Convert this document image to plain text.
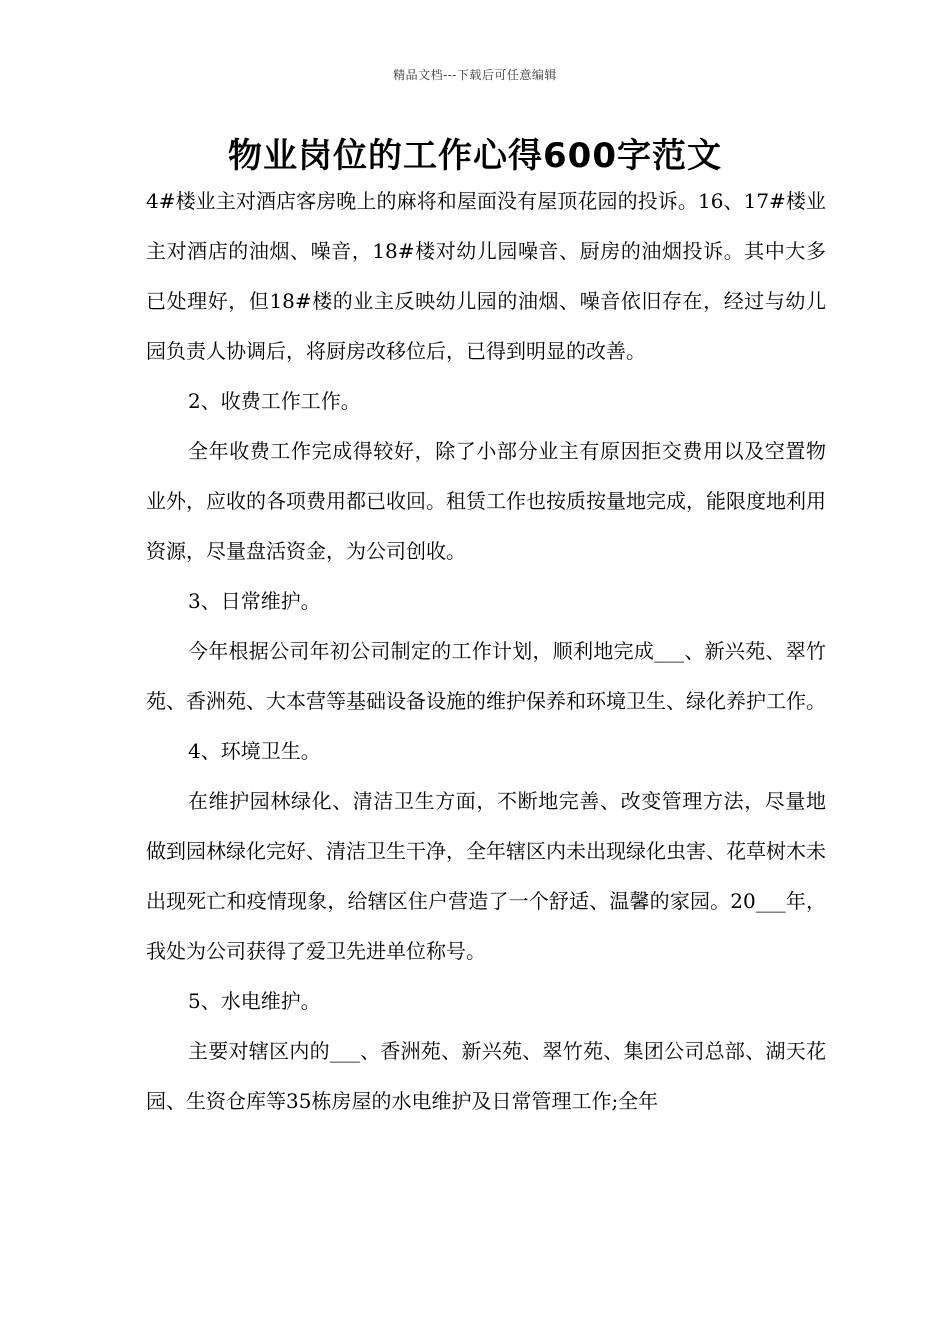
精品文档---下载后可任意编辑
物业岗位的工作心得600字范文

4#楼业主对酒店客房晚上的麻将和屋面没有屋顶花园的投诉。16、17#楼业主对酒店的油烟、噪音，18#楼对幼儿园噪音、厨房的油烟投诉。其中大多已处理好，但18#楼的业主反映幼儿园的油烟、噪音依旧存在，经过与幼儿园负责人协调后，将厨房改移位后，已得到明显的改善。

2、收费工作工作。

全年收费工作完成得较好，除了小部分业主有原因拒交费用以及空置物业外，应收的各项费用都已收回。租赁工作也按质按量地完成，能限度地利用资源，尽量盘活资金，为公司创收。

3、日常维护。

今年根据公司年初公司制定的工作计划，顺利地完成___、新兴苑、翠竹苑、香洲苑、大本营等基础设备设施的维护保养和环境卫生、绿化养护工作。

4、环境卫生。

在维护园林绿化、清洁卫生方面，不断地完善、改变管理方法，尽量地做到园林绿化完好、清洁卫生干净，全年辖区内未出现绿化虫害、花草树木未出现死亡和疫情现象，给辖区住户营造了一个舒适、温馨的家园。20___年，我处为公司获得了爱卫先进单位称号。

5、水电维护。

主要对辖区内的___、香洲苑、新兴苑、翠竹苑、集团公司总部、湖天花园、生资仓库等35栋房屋的水电维护及日常管理工作;全年
